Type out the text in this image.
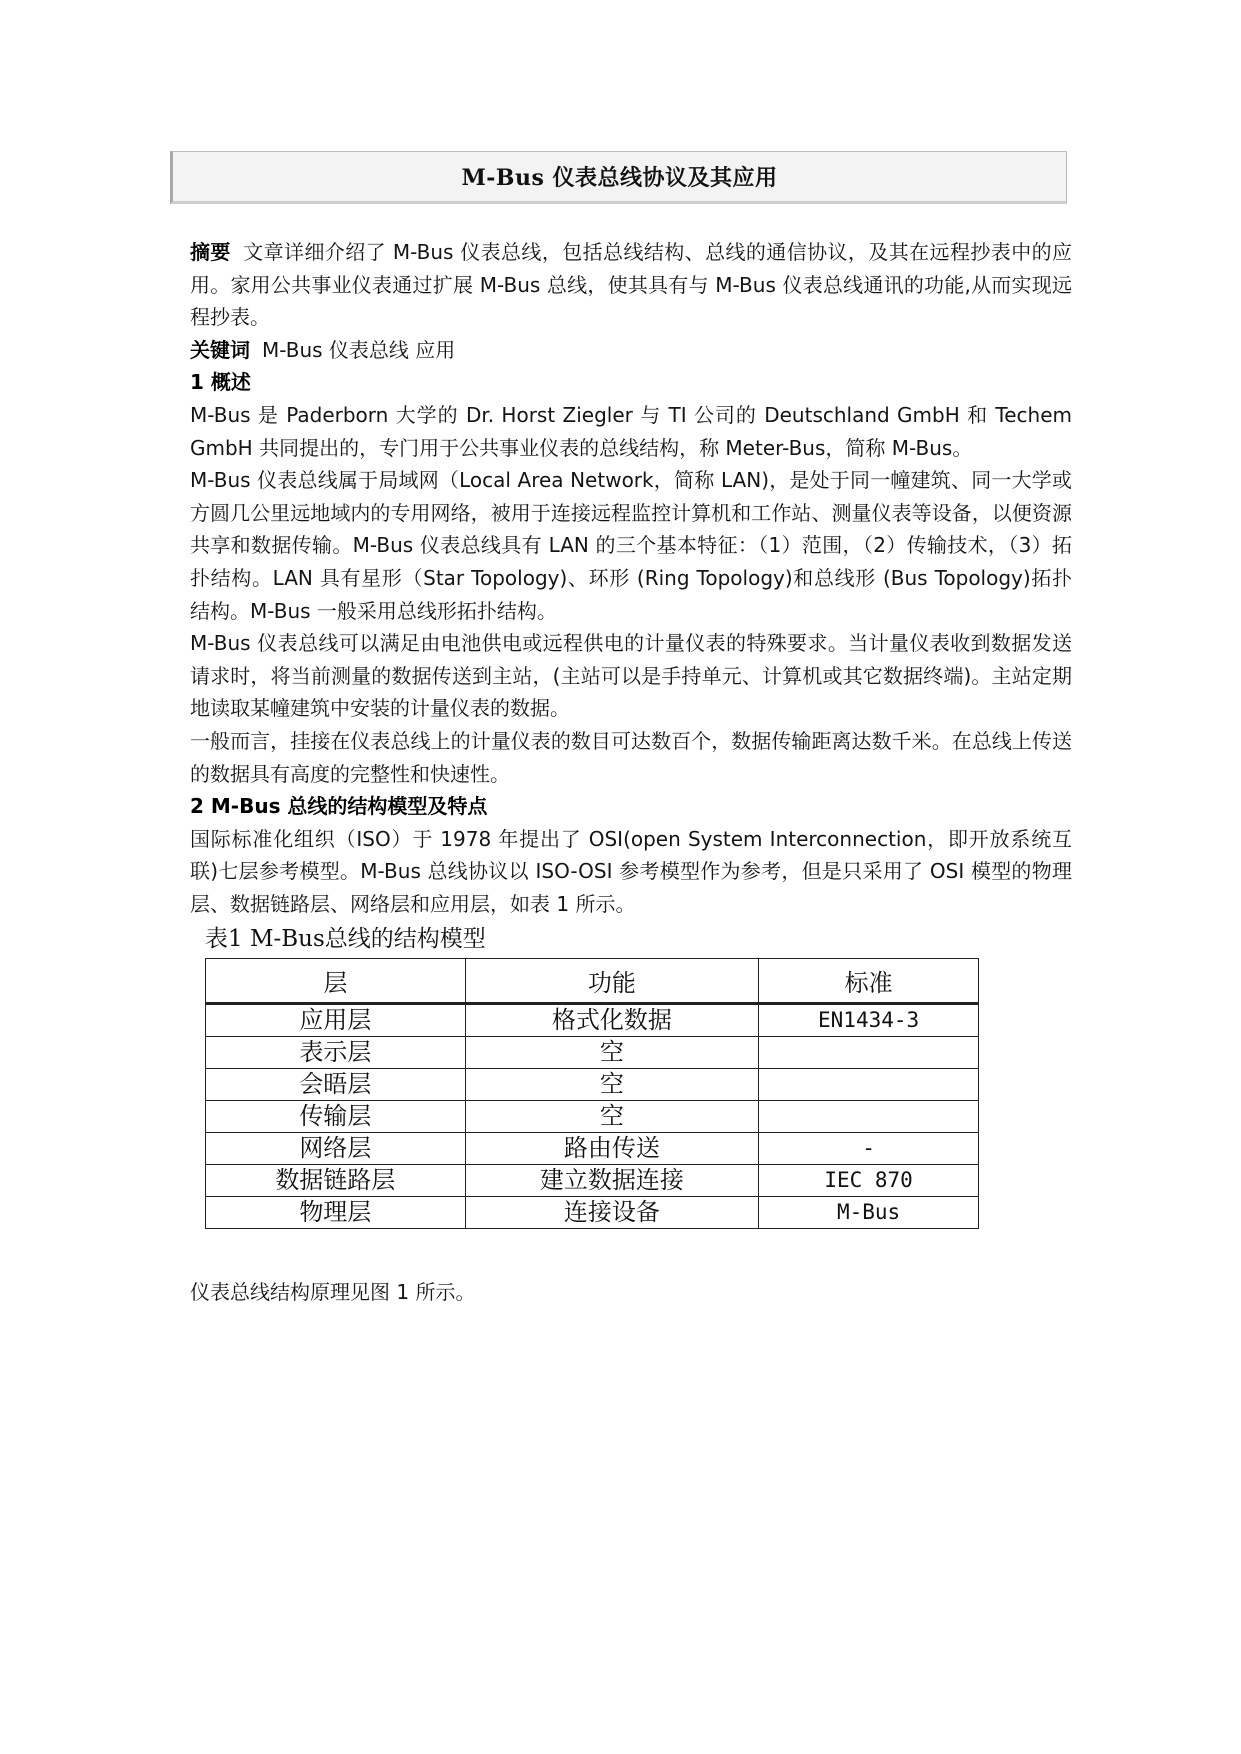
M-Bus 仪表总线协议及其应用

摘要 文章详细介绍了 M-Bus 仪表总线，包括总线结构、总线的通信协议，及其在远程抄表中的应用。家用公共事业仪表通过扩展 M-Bus 总线，使其具有与 M-Bus 仪表总线通讯的功能,从而实现远程抄表。

关键词 M-Bus 仪表总线 应用

1 概述

M-Bus 是 Paderborn 大学的 Dr. Horst Ziegler 与 TI 公司的 Deutschland GmbH 和 Techem GmbH 共同提出的，专门用于公共事业仪表的总线结构，称 Meter-Bus，简称 M-Bus。

M-Bus 仪表总线属于局域网（Local Area Network，简称 LAN)，是处于同一幢建筑、同一大学或方圆几公里远地域内的专用网络，被用于连接远程监控计算机和工作站、测量仪表等设备，以便资源共享和数据传输。M-Bus 仪表总线具有 LAN 的三个基本特征：（1）范围，（2）传输技术，（3）拓扑结构。LAN 具有星形（Star Topology)、环形 (Ring Topology)和总线形 (Bus Topology)拓扑结构。M-Bus 一般采用总线形拓扑结构。

M-Bus 仪表总线可以满足由电池供电或远程供电的计量仪表的特殊要求。当计量仪表收到数据发送请求时，将当前测量的数据传送到主站，(主站可以是手持单元、计算机或其它数据终端)。主站定期地读取某幢建筑中安装的计量仪表的数据。

一般而言，挂接在仪表总线上的计量仪表的数目可达数百个，数据传输距离达数千米。在总线上传送的数据具有高度的完整性和快速性。

2 M-Bus 总线的结构模型及特点

国际标准化组织（ISO）于 1978 年提出了 OSI(open System Interconnection，即开放系统互联)七层参考模型。M-Bus 总线协议以 ISO-OSI 参考模型作为参考，但是只采用了 OSI 模型的物理层、数据链路层、网络层和应用层，如表 1 所示。

表1 M-Bus总线的结构模型
层	功能	标准
应用层	格式化数据	EN1434-3
表示层	空	
会晤层	空	
传输层	空	
网络层	路由传送	-
数据链路层	建立数据连接	IEC 870
物理层	连接设备	M-Bus
仪表总线结构原理见图 1 所示。
